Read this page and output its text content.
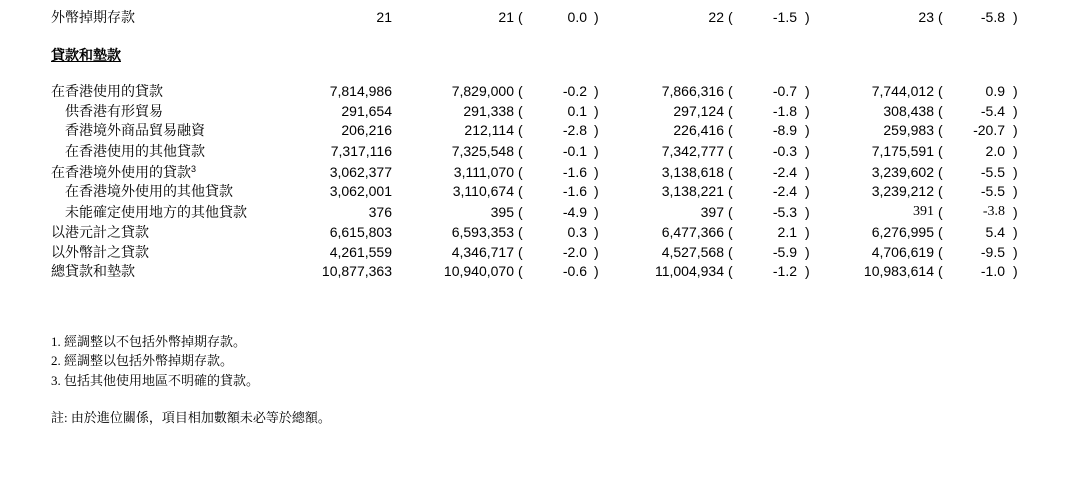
外幣掉期存款	21	21 (	0.0 )	22 (	-1.5 )	23 (	-5.8 )
貸款和墊款
在香港使用的貸款	7,814,986	7,829,000 (	-0.2 )	7,866,316 (	-0.7 )	7,744,012 (	0.9 )
供香港有形貿易	291,654	291,338 (	0.1 )	297,124 (	-1.8 )	308,438 (	-5.4 )
香港境外商品貿易融資	206,216	212,114 (	-2.8 )	226,416 (	-8.9 )	259,983 (	-20.7 )
在香港使用的其他貸款	7,317,116	7,325,548 (	-0.1 )	7,342,777 (	-0.3 )	7,175,591 (	2.0 )
在香港境外使用的貸款$^3$	3,062,377	3,111,070 (	-1.6 )	3,138,618 (	-2.4 )	3,239,602 (	-5.5 )
在香港境外使用的其他貸款	3,062,001	3,110,674 (	-1.6 )	3,138,221 (	-2.4 )	3,239,212 (	-5.5 )
未能確定使用地方的其他貸款	376	395 (	-4.9 )	397 (	-5.3 )	391 (	-3.8 )
以港元計之貸款	6,615,803	6,593,353 (	0.3 )	6,477,366 (	2.1 )	6,276,995 (	5.4 )
以外幣計之貸款	4,261,559	4,346,717 (	-2.0 )	4,527,568 (	-5.9 )	4,706,619 (	-9.5 )
總貸款和墊款	10,877,363	10,940,070 (	-0.6 )	11,004,934 (	-1.2 )	10,983,614 (	-1.0 )
1. 經調整以不包括外幣掉期存款。
2. 經調整以包括外幣掉期存款。
3. 包括其他使用地區不明確的貸款。
註: 由於進位關係，項目相加數額未必等於總額。
